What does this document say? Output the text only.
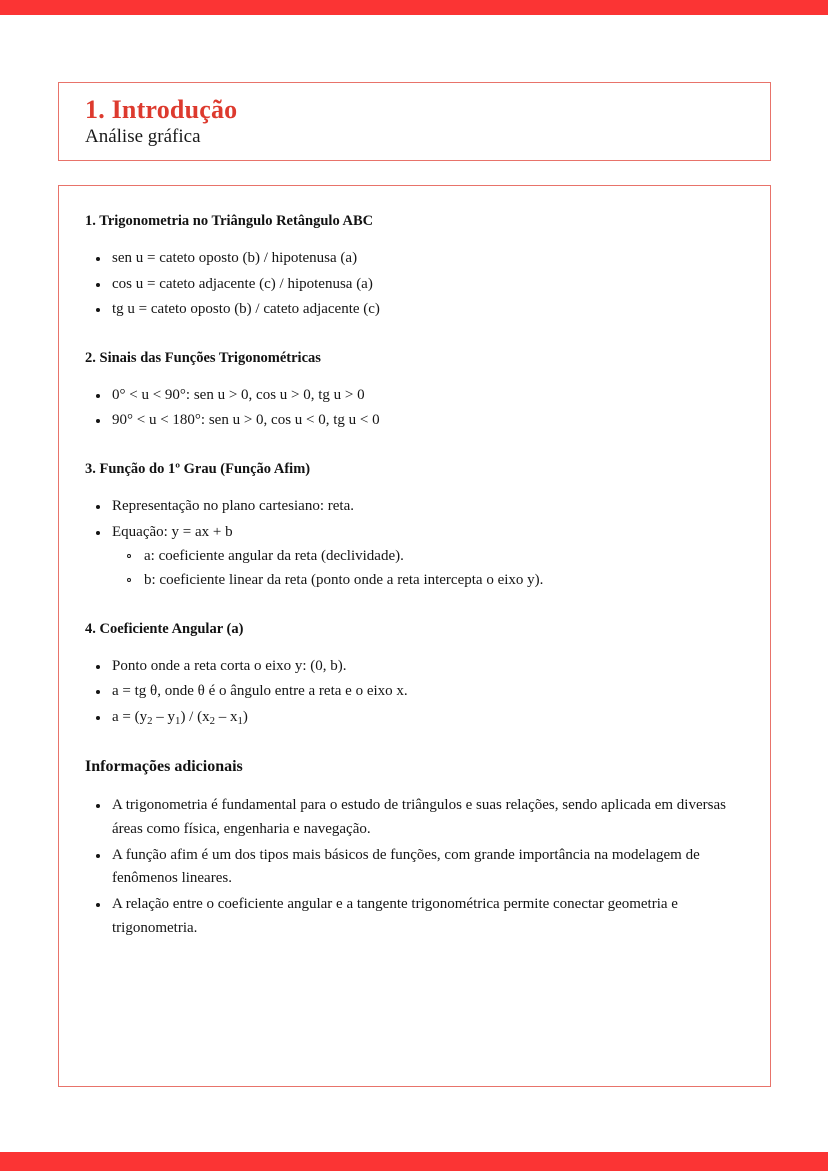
1. Introdução
Análise gráfica
1. Trigonometria no Triângulo Retângulo ABC
sen u = cateto oposto (b) / hipotenusa (a)
cos u = cateto adjacente (c) / hipotenusa (a)
tg u = cateto oposto (b) / cateto adjacente (c)
2. Sinais das Funções Trigonométricas
0° < u < 90°: sen u > 0, cos u > 0, tg u > 0
90° < u < 180°: sen u > 0, cos u < 0, tg u < 0
3. Função do 1º Grau (Função Afim)
Representação no plano cartesiano: reta.
Equação: y = ax + b
a: coeficiente angular da reta (declividade).
b: coeficiente linear da reta (ponto onde a reta intercepta o eixo y).
4. Coeficiente Angular (a)
Ponto onde a reta corta o eixo y: (0, b).
a = tg θ, onde θ é o ângulo entre a reta e o eixo x.
$a = (y_2 - y_1) / (x_2 - x_1)$
Informações adicionais
A trigonometria é fundamental para o estudo de triângulos e suas relações, sendo aplicada em diversas áreas como física, engenharia e navegação.
A função afim é um dos tipos mais básicos de funções, com grande importância na modelagem de fenômenos lineares.
A relação entre o coeficiente angular e a tangente trigonométrica permite conectar geometria e trigonometria.
